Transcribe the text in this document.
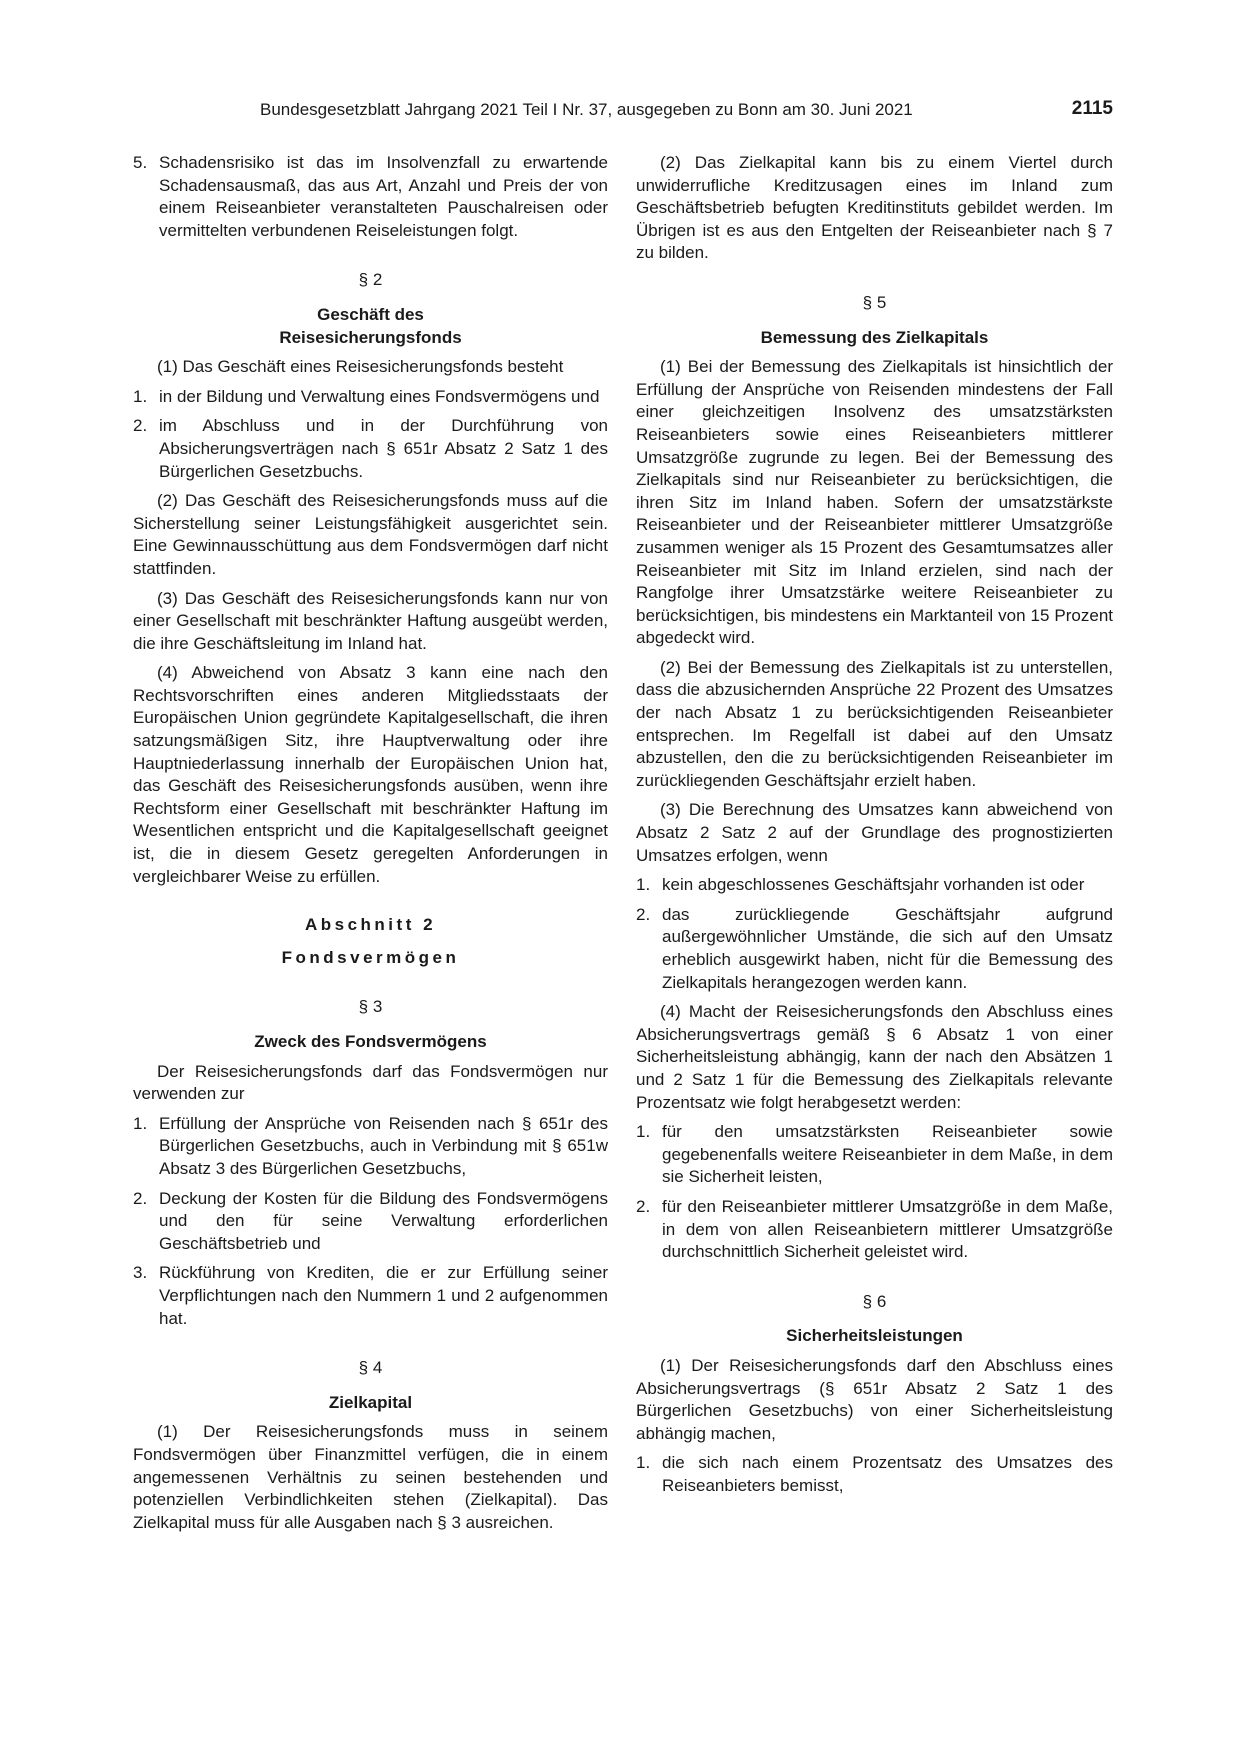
Bundesgesetzblatt Jahrgang 2021 Teil I Nr. 37, ausgegeben zu Bonn am 30. Juni 2021	2115
5. Schadensrisiko ist das im Insolvenzfall zu erwartende Schadensausmaß, das aus Art, Anzahl und Preis der von einem Reiseanbieter veranstalteten Pauschalreisen oder vermittelten verbundenen Reiseleistungen folgt.

§ 2

Geschäft des
Reisesicherungsfonds

(1) Das Geschäft eines Reisesicherungsfonds besteht

1. in der Bildung und Verwaltung eines Fondsvermögens und
2. im Abschluss und in der Durchführung von Absicherungsverträgen nach § 651r Absatz 2 Satz 1 des Bürgerlichen Gesetzbuchs.

(2) Das Geschäft des Reisesicherungsfonds muss auf die Sicherstellung seiner Leistungsfähigkeit ausgerichtet sein. Eine Gewinnausschüttung aus dem Fondsvermögen darf nicht stattfinden.

(3) Das Geschäft des Reisesicherungsfonds kann nur von einer Gesellschaft mit beschränkter Haftung ausgeübt werden, die ihre Geschäftsleitung im Inland hat.

(4) Abweichend von Absatz 3 kann eine nach den Rechtsvorschriften eines anderen Mitgliedsstaats der Europäischen Union gegründete Kapitalgesellschaft, die ihren satzungsmäßigen Sitz, ihre Hauptverwaltung oder ihre Hauptniederlassung innerhalb der Europäischen Union hat, das Geschäft des Reisesicherungsfonds ausüben, wenn ihre Rechtsform einer Gesellschaft mit beschränkter Haftung im Wesentlichen entspricht und die Kapitalgesellschaft geeignet ist, die in diesem Gesetz geregelten Anforderungen in vergleichbarer Weise zu erfüllen.

Abschnitt 2

Fondsvermögen

§ 3

Zweck des Fondsvermögens

Der Reisesicherungsfonds darf das Fondsvermögen nur verwenden zur

1. Erfüllung der Ansprüche von Reisenden nach § 651r des Bürgerlichen Gesetzbuchs, auch in Verbindung mit § 651w Absatz 3 des Bürgerlichen Gesetzbuchs,
2. Deckung der Kosten für die Bildung des Fondsvermögens und den für seine Verwaltung erforderlichen Geschäftsbetrieb und
3. Rückführung von Krediten, die er zur Erfüllung seiner Verpflichtungen nach den Nummern 1 und 2 aufgenommen hat.

§ 4

Zielkapital

(1) Der Reisesicherungsfonds muss in seinem Fondsvermögen über Finanzmittel verfügen, die in einem angemessenen Verhältnis zu seinen bestehenden und potenziellen Verbindlichkeiten stehen (Zielkapital). Das Zielkapital muss für alle Ausgaben nach § 3 ausreichen.

(2) Das Zielkapital kann bis zu einem Viertel durch unwiderrufliche Kreditzusagen eines im Inland zum Geschäftsbetrieb befugten Kreditinstituts gebildet werden. Im Übrigen ist es aus den Entgelten der Reiseanbieter nach § 7 zu bilden.

§ 5

Bemessung des Zielkapitals

(1) Bei der Bemessung des Zielkapitals ist hinsichtlich der Erfüllung der Ansprüche von Reisenden mindestens der Fall einer gleichzeitigen Insolvenz des umsatzstärksten Reiseanbieters sowie eines Reiseanbieters mittlerer Umsatzgröße zugrunde zu legen. Bei der Bemessung des Zielkapitals sind nur Reiseanbieter zu berücksichtigen, die ihren Sitz im Inland haben. Sofern der umsatzstärkste Reiseanbieter und der Reiseanbieter mittlerer Umsatzgröße zusammen weniger als 15 Prozent des Gesamtumsatzes aller Reiseanbieter mit Sitz im Inland erzielen, sind nach der Rangfolge ihrer Umsatzstärke weitere Reiseanbieter zu berücksichtigen, bis mindestens ein Marktanteil von 15 Prozent abgedeckt wird.

(2) Bei der Bemessung des Zielkapitals ist zu unterstellen, dass die abzusichernden Ansprüche 22 Prozent des Umsatzes der nach Absatz 1 zu berücksichtigenden Reiseanbieter entsprechen. Im Regelfall ist dabei auf den Umsatz abzustellen, den die zu berücksichtigenden Reiseanbieter im zurückliegenden Geschäftsjahr erzielt haben.

(3) Die Berechnung des Umsatzes kann abweichend von Absatz 2 Satz 2 auf der Grundlage des prognostizierten Umsatzes erfolgen, wenn

1. kein abgeschlossenes Geschäftsjahr vorhanden ist oder
2. das zurückliegende Geschäftsjahr aufgrund außergewöhnlicher Umstände, die sich auf den Umsatz erheblich ausgewirkt haben, nicht für die Bemessung des Zielkapitals herangezogen werden kann.

(4) Macht der Reisesicherungsfonds den Abschluss eines Absicherungsvertrags gemäß § 6 Absatz 1 von einer Sicherheitsleistung abhängig, kann der nach den Absätzen 1 und 2 Satz 1 für die Bemessung des Zielkapitals relevante Prozentsatz wie folgt herabgesetzt werden:

1. für den umsatzstärksten Reiseanbieter sowie gegebenenfalls weitere Reiseanbieter in dem Maße, in dem sie Sicherheit leisten,
2. für den Reiseanbieter mittlerer Umsatzgröße in dem Maße, in dem von allen Reiseanbietern mittlerer Umsatzgröße durchschnittlich Sicherheit geleistet wird.

§ 6

Sicherheitsleistungen

(1) Der Reisesicherungsfonds darf den Abschluss eines Absicherungsvertrags (§ 651r Absatz 2 Satz 1 des Bürgerlichen Gesetzbuchs) von einer Sicherheitsleistung abhängig machen,

1. die sich nach einem Prozentsatz des Umsatzes des Reiseanbieters bemisst,
